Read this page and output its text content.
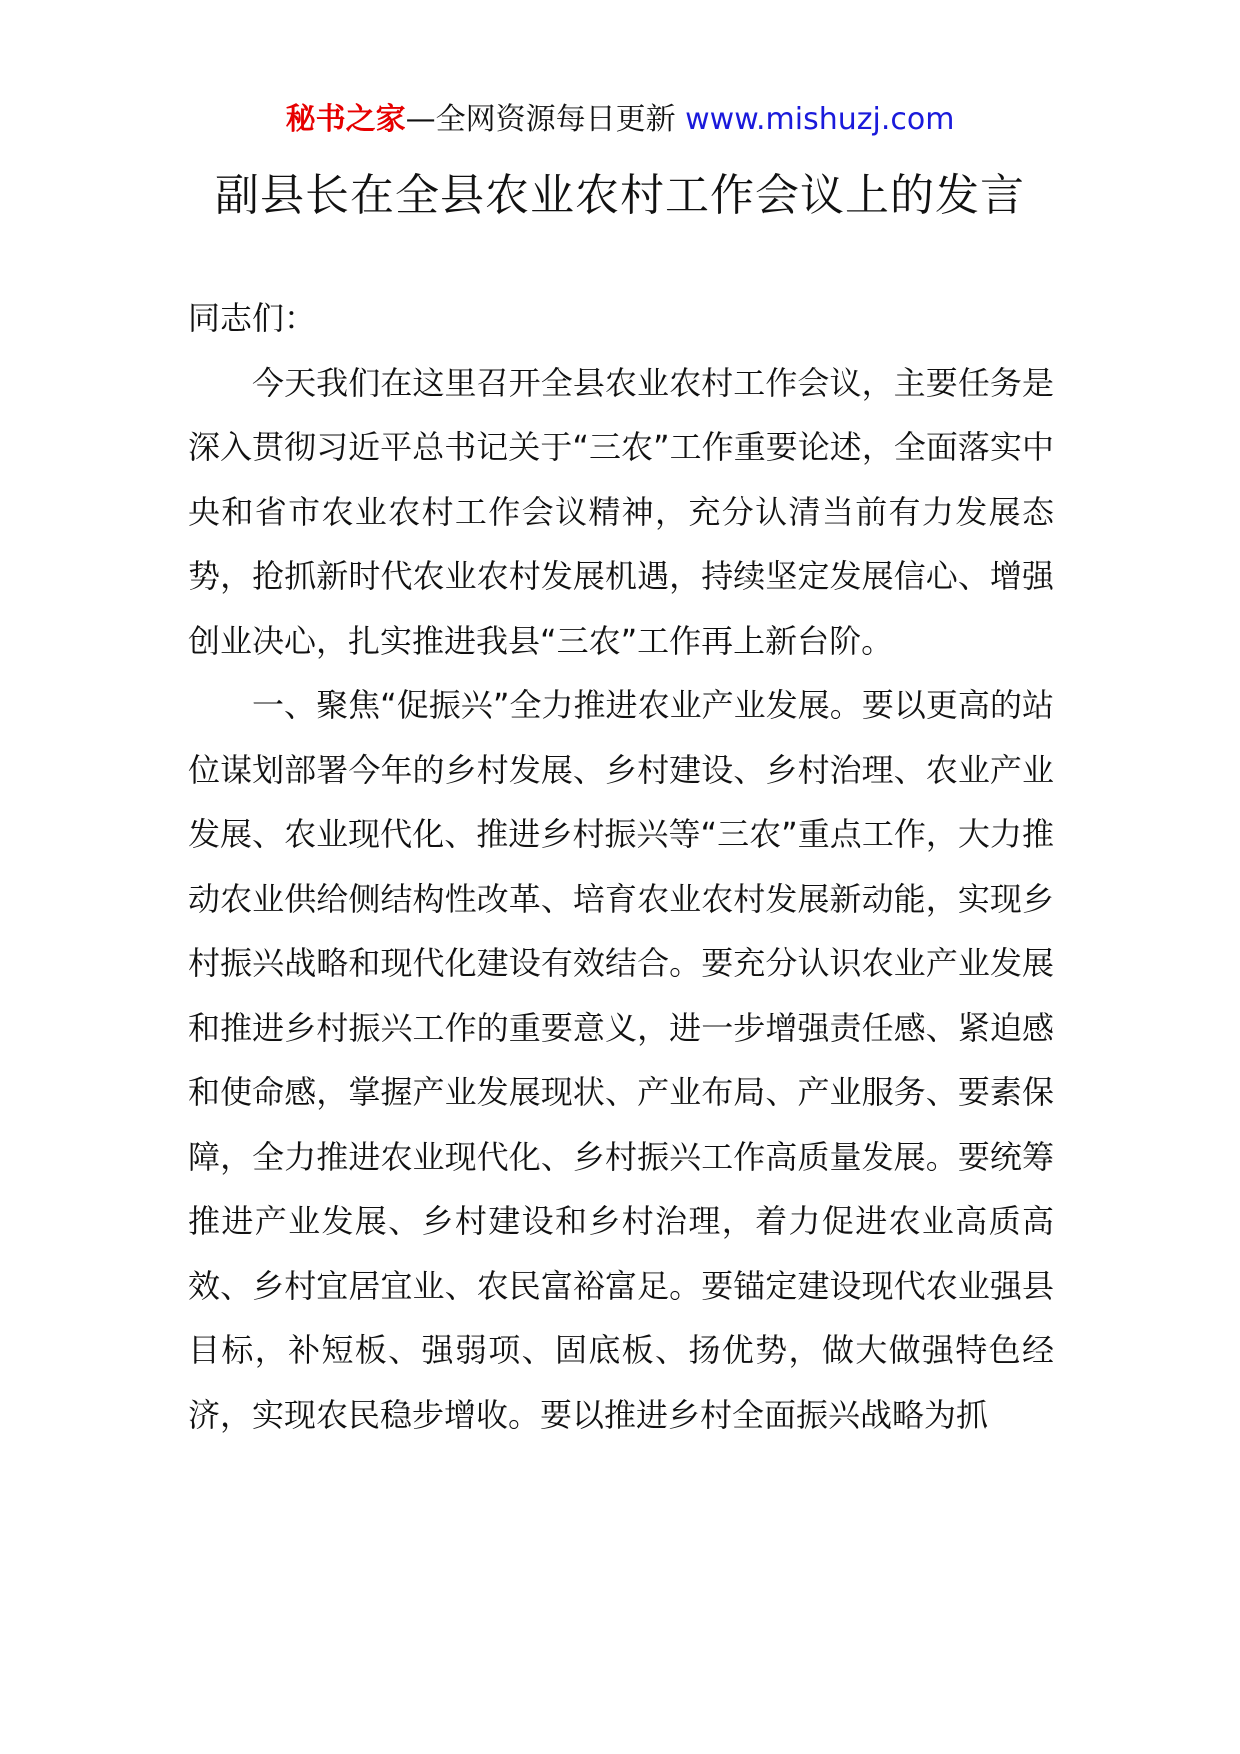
秘书之家—全网资源每日更新 www.mishuzj.com
副县长在全县农业农村工作会议上的发言

同志们：

今天我们在这里召开全县农业农村工作会议，主要任务是深入贯彻习近平总书记关于“三农”工作重要论述，全面落实中央和省市农业农村工作会议精神，充分认清当前有力发展态势，抢抓新时代农业农村发展机遇，持续坚定发展信心、增强创业决心，扎实推进我县“三农”工作再上新台阶。

一、聚焦“促振兴”全力推进农业产业发展。要以更高的站位谋划部署今年的乡村发展、乡村建设、乡村治理、农业产业发展、农业现代化、推进乡村振兴等“三农”重点工作，大力推动农业供给侧结构性改革、培育农业农村发展新动能，实现乡村振兴战略和现代化建设有效结合。要充分认识农业产业发展和推进乡村振兴工作的重要意义，进一步增强责任感、紧迫感和使命感，掌握产业发展现状、产业布局、产业服务、要素保障，全力推进农业现代化、乡村振兴工作高质量发展。要统筹推进产业发展、乡村建设和乡村治理，着力促进农业高质高效、乡村宜居宜业、农民富裕富足。要锚定建设现代农业强县目标，补短板、强弱项、固底板、扬优势，做大做强特色经济，实现农民稳步增收。要以推进乡村全面振兴战略为抓
